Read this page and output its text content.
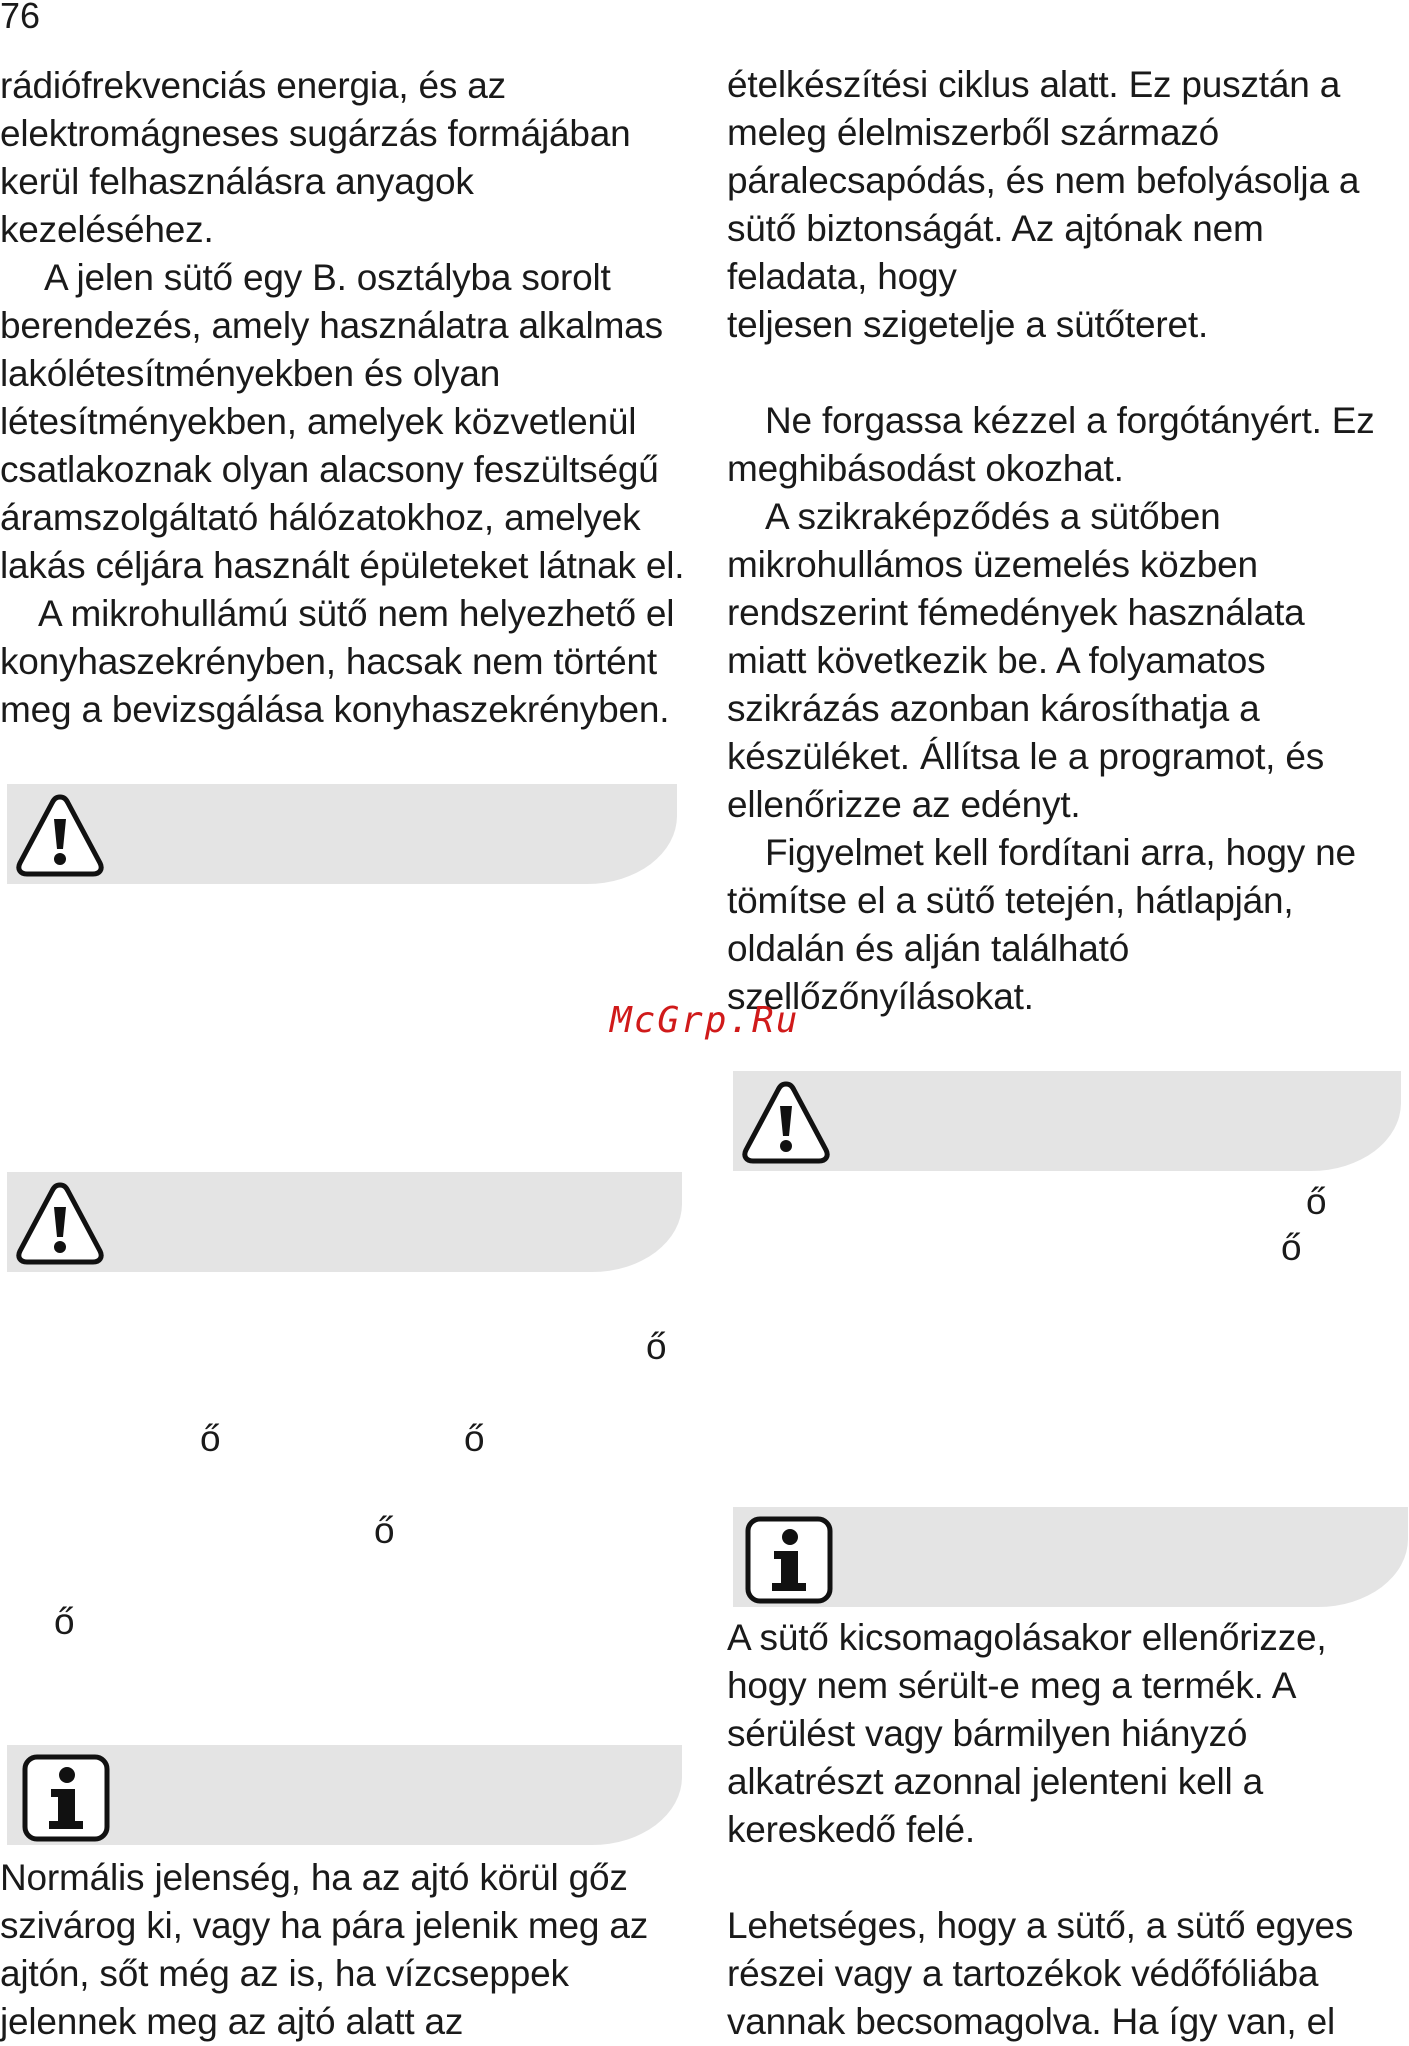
76

rádiófrekvenciás energia, és az

elektromágneses sugárzás formájában

kerül felhasználásra anyagok

kezeléséhez.

A jelen sütő egy B. osztályba sorolt

berendezés, amely használatra alkalmas

lakólétesítményekben és olyan

létesítményekben, amelyek közvetlenül

csatlakoznak olyan alacsony feszültségű

áramszolgáltató hálózatokhoz, amelyek

lakás céljára használt épületeket látnak el.

A mikrohullámú sütő nem helyezhető el

konyhaszekrényben, hacsak nem történt

meg a bevizsgálása konyhaszekrényben.

ő
ő	ő
ő
ő

Normális jelenség, ha az ajtó körül gőz

szivárog ki, vagy ha pára jelenik meg az

ajtón, sőt még az is, ha vízcseppek

jelennek meg az ajtó alatt az

ételkészítési ciklus alatt. Ez pusztán a

meleg élelmiszerből származó

páralecsapódás, és nem befolyásolja a

sütő biztonságát. Az ajtónak nem

feladata, hogy

teljesen szigetelje a sütőteret.

Ne forgassa kézzel a forgótányért. Ez

meghibásodást okozhat.

A szikraképződés a sütőben

mikrohullámos üzemelés közben

rendszerint fémedények használata

miatt következik be. A folyamatos

szikrázás azonban károsíthatja a

készüléket. Állítsa le a programot, és

ellenőrizze az edényt.

Figyelmet kell fordítani arra, hogy ne

tömítse el a sütő tetején, hátlapján,

oldalán és alján található

szellőzőnyílásokat.

ő
ő

A sütő kicsomagolásakor ellenőrizze,

hogy nem sérült-e meg a termék. A

sérülést vagy bármilyen hiányzó

alkatrészt azonnal jelenteni kell a

kereskedő felé.

Lehetséges, hogy a sütő, a sütő egyes

részei vagy a tartozékok védőfóliába

vannak becsomagolva. Ha így van, el

McGrp.Ru
